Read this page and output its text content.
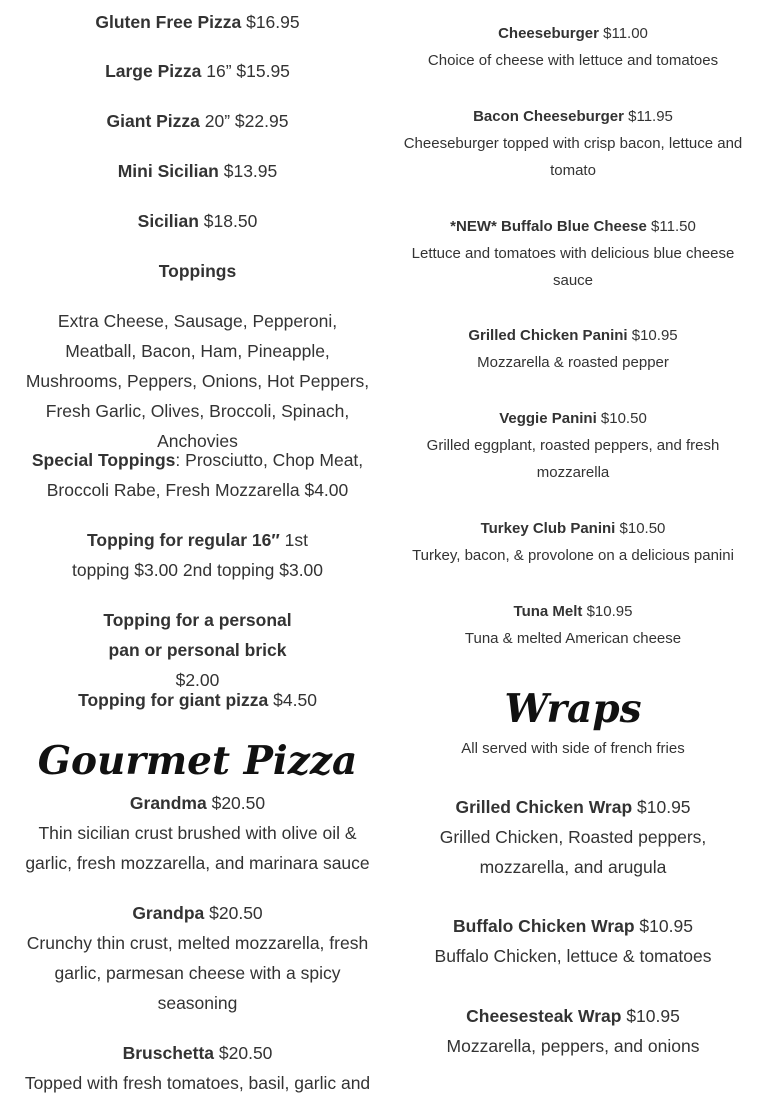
Gluten Free Pizza $16.95
Large Pizza 16” $15.95
Giant Pizza 20” $22.95
Mini Sicilian $13.95
Sicilian $18.50
Toppings
Extra Cheese, Sausage, Pepperoni, Meatball, Bacon, Ham, Pineapple, Mushrooms, Peppers, Onions, Hot Peppers, Fresh Garlic, Olives, Broccoli, Spinach, Anchovies
Special Toppings: Prosciutto, Chop Meat, Broccoli Rabe, Fresh Mozzarella $4.00
Topping for regular 16″ 1st topping $3.00 2nd topping $3.00
Topping for a personal pan or personal brick $2.00
Topping for giant pizza $4.50
Gourmet Pizza
Grandma $20.50
Thin sicilian crust brushed with olive oil & garlic, fresh mozzarella, and marinara sauce
Grandpa $20.50
Crunchy thin crust, melted mozzarella, fresh garlic, parmesan cheese with a spicy seasoning
Bruschetta $20.50
Topped with fresh tomatoes, basil, garlic and
Cheeseburger $11.00
Choice of cheese with lettuce and tomatoes
Bacon Cheeseburger $11.95
Cheeseburger topped with crisp bacon, lettuce and tomato
*NEW* Buffalo Blue Cheese $11.50
Lettuce and tomatoes with delicious blue cheese sauce
Grilled Chicken Panini $10.95
Mozzarella & roasted pepper
Veggie Panini $10.50
Grilled eggplant, roasted peppers, and fresh mozzarella
Turkey Club Panini $10.50
Turkey, bacon, & provolone on a delicious panini
Tuna Melt $10.95
Tuna & melted American cheese
Wraps
All served with side of french fries
Grilled Chicken Wrap $10.95
Grilled Chicken, Roasted peppers, mozzarella, and arugula
Buffalo Chicken Wrap $10.95
Buffalo Chicken, lettuce & tomatoes
Cheesesteak Wrap $10.95
Mozzarella, peppers, and onions
